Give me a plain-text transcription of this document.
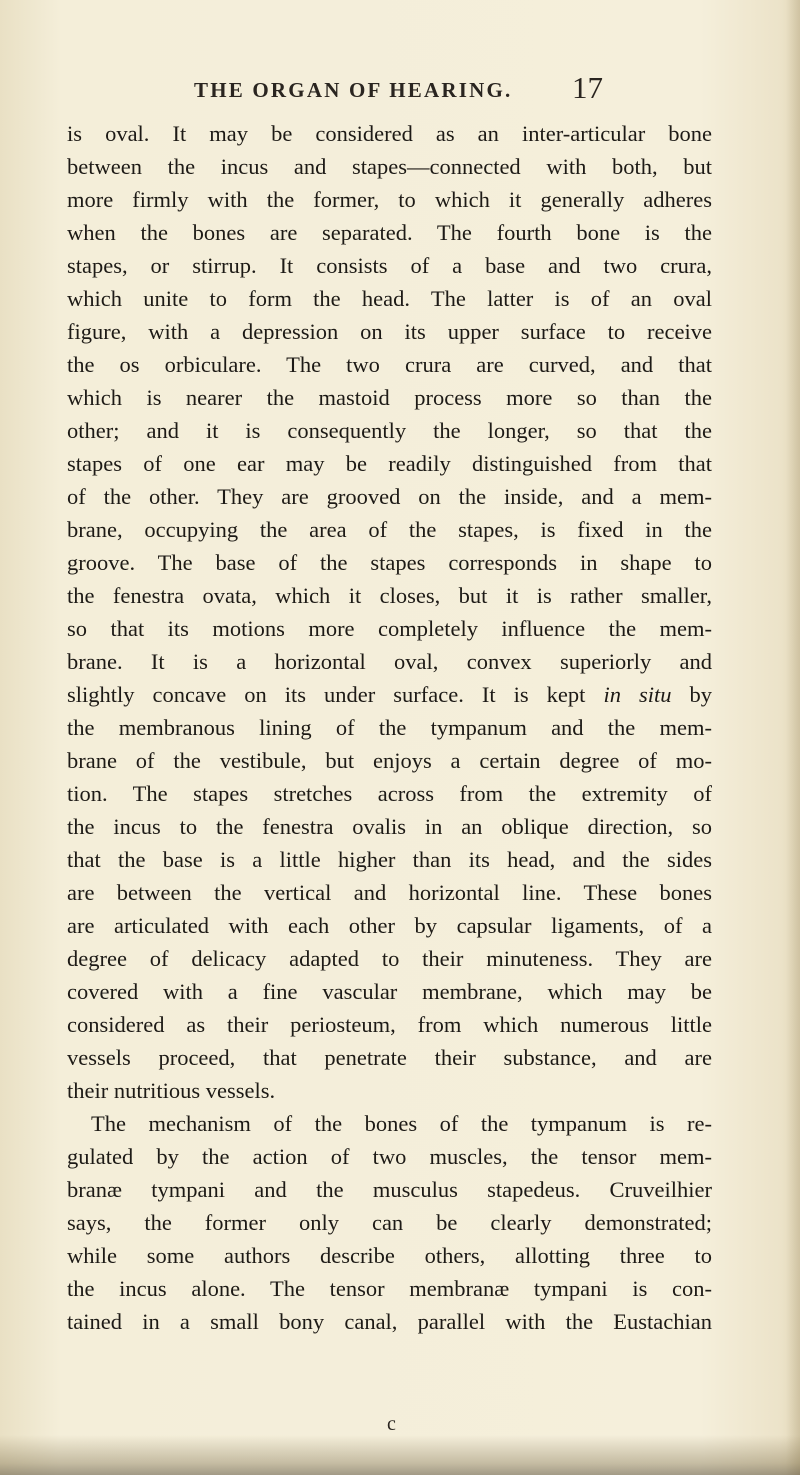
THE ORGAN OF HEARING. 17
is oval. It may be considered as an inter-articular bone
between the incus and stapes—connected with both, but
more firmly with the former, to which it generally adheres
when the bones are separated. The fourth bone is the
stapes, or stirrup. It consists of a base and two crura,
which unite to form the head. The latter is of an oval
figure, with a depression on its upper surface to receive
the os orbiculare. The two crura are curved, and that
which is nearer the mastoid process more so than the
other; and it is consequently the longer, so that the
stapes of one ear may be readily distinguished from that
of the other. They are grooved on the inside, and a mem-
brane, occupying the area of the stapes, is fixed in the
groove. The base of the stapes corresponds in shape to
the fenestra ovata, which it closes, but it is rather smaller,
so that its motions more completely influence the mem-
brane. It is a horizontal oval, convex superiorly and
slightly concave on its under surface. It is kept in situ by
the membranous lining of the tympanum and the mem-
brane of the vestibule, but enjoys a certain degree of mo-
tion. The stapes stretches across from the extremity of
the incus to the fenestra ovalis in an oblique direction, so
that the base is a little higher than its head, and the sides
are between the vertical and horizontal line. These bones
are articulated with each other by capsular ligaments, of a
degree of delicacy adapted to their minuteness. They are
covered with a fine vascular membrane, which may be
considered as their periosteum, from which numerous little
vessels proceed, that penetrate their substance, and are
their nutritious vessels.
The mechanism of the bones of the tympanum is re-
gulated by the action of two muscles, the tensor mem-
branæ tympani and the musculus stapedeus. Cruveilhier
says, the former only can be clearly demonstrated;
while some authors describe others, allotting three to
the incus alone. The tensor membranæ tympani is con-
tained in a small bony canal, parallel with the Eustachian
c
